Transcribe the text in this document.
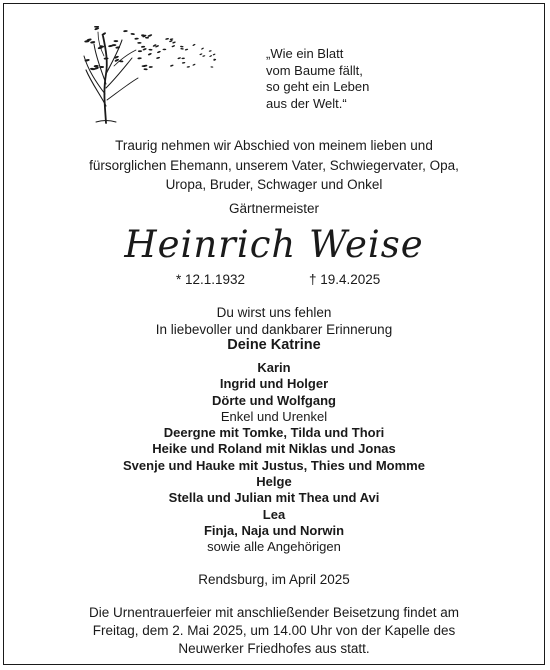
„Wie ein Blatt
vom Baume fällt,
so geht ein Leben
aus der Welt.“
Traurig nehmen wir Abschied von meinem lieben und
fürsorglichen Ehemann, unserem Vater, Schwiegervater, Opa,
Uropa, Bruder, Schwager und Onkel
Gärtnermeister
Heinrich Weise
* 12.1.1932	† 19.4.2025
Du wirst uns fehlen
In liebevoller und dankbarer Erinnerung
Deine Katrine
Karin
Ingrid und Holger
Dörte und Wolfgang
Enkel und Urenkel
Deergne mit Tomke, Tilda und Thori
Heike und Roland mit Niklas und Jonas
Svenje und Hauke mit Justus, Thies und Momme
Helge
Stella und Julian mit Thea und Avi
Lea
Finja, Naja und Norwin
sowie alle Angehörigen
Rendsburg, im April 2025
Die Urnentrauerfeier mit anschließender Beisetzung findet am
Freitag, dem 2. Mai 2025, um 14.00 Uhr von der Kapelle des
Neuwerker Friedhofes aus statt.
